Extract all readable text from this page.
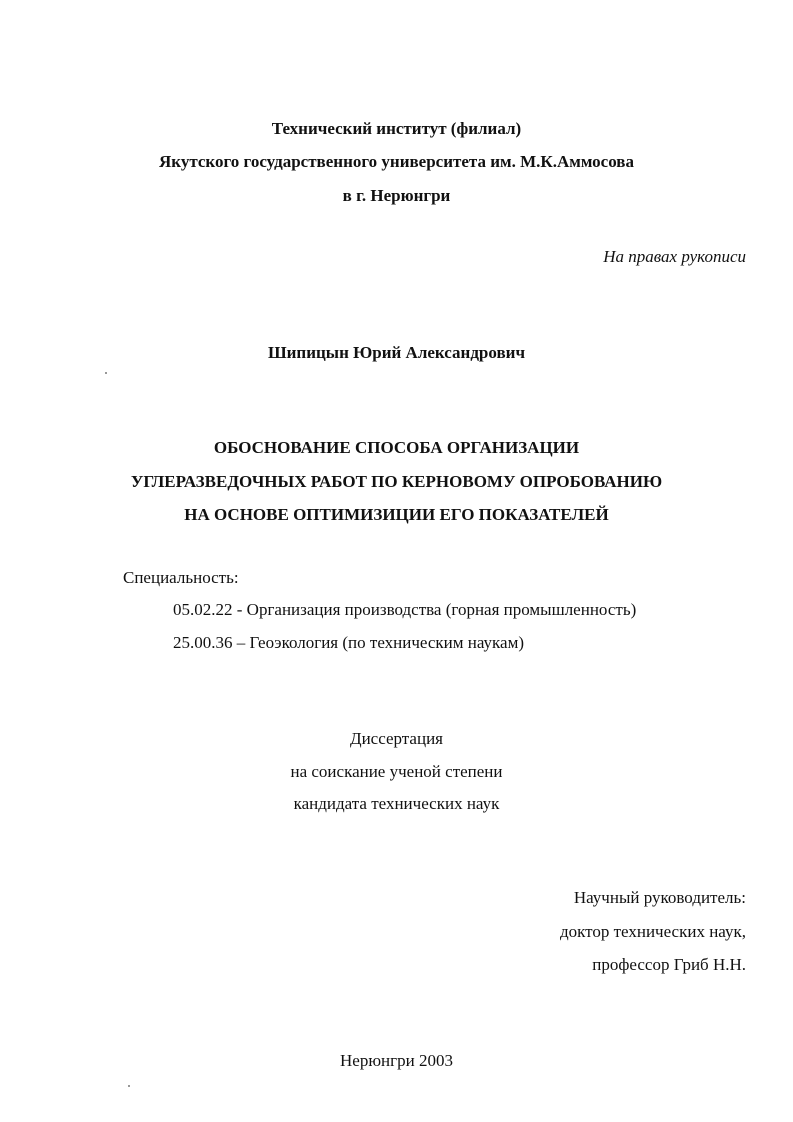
Технический институт (филиал)
Якутского государственного университета им. М.К.Аммосова
в г. Нерюнгри
На правах рукописи
Шипицын Юрий Александрович
ОБОСНОВАНИЕ СПОСОБА ОРГАНИЗАЦИИ
УГЛЕРАЗВЕДОЧНЫХ РАБОТ ПО КЕРНОВОМУ ОПРОБОВАНИЮ
НА ОСНОВЕ ОПТИМИЗИЦИИ ЕГО ПОКАЗАТЕЛЕЙ
Специальность:
05.02.22 - Организация производства (горная промышленность)
25.00.36 – Геоэкология (по техническим наукам)
Диссертация
на соискание ученой степени
кандидата технических наук
Научный руководитель:
доктор технических наук,
профессор Гриб Н.Н.
Нерюнгри 2003
